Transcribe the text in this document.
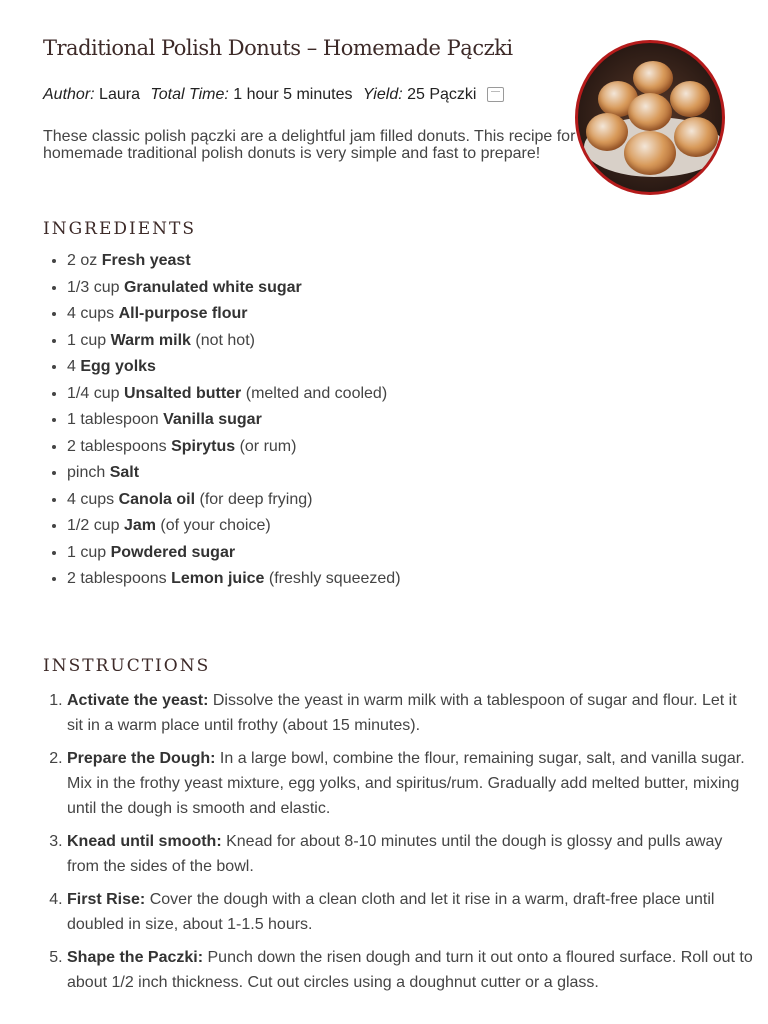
Traditional Polish Donuts – Homemade Pączki
Author: Laura Total Time: 1 hour 5 minutes Yield: 25 Pączki

These classic polish pączki are a delightful jam filled donuts. This recipe for homemade traditional polish donuts is very simple and fast to prepare!

INGREDIENTS
• 2 oz Fresh yeast
• 1/3 cup Granulated white sugar
• 4 cups All-purpose flour
• 1 cup Warm milk (not hot)
• 4 Egg yolks
• 1/4 cup Unsalted butter (melted and cooled)
• 1 tablespoon Vanilla sugar
• 2 tablespoons Spirytus (or rum)
• pinch Salt
• 4 cups Canola oil (for deep frying)
• 1/2 cup Jam (of your choice)
• 1 cup Powdered sugar
• 2 tablespoons Lemon juice (freshly squeezed)
INSTRUCTIONS
1. Activate the yeast: Dissolve the yeast in warm milk with a tablespoon of sugar and flour. Let it sit in a warm place until frothy (about 15 minutes).
2. Prepare the Dough: In a large bowl, combine the flour, remaining sugar, salt, and vanilla sugar. Mix in the frothy yeast mixture, egg yolks, and spiritus/rum. Gradually add melted butter, mixing until the dough is smooth and elastic.
3. Knead until smooth: Knead for about 8-10 minutes until the dough is glossy and pulls away from the sides of the bowl.
4. First Rise: Cover the dough with a clean cloth and let it rise in a warm, draft-free place until doubled in size, about 1-1.5 hours.
5. Shape the Paczki: Punch down the risen dough and turn it out onto a floured surface. Roll out to about 1/2 inch thickness. Cut out circles using a doughnut cutter or a glass.
